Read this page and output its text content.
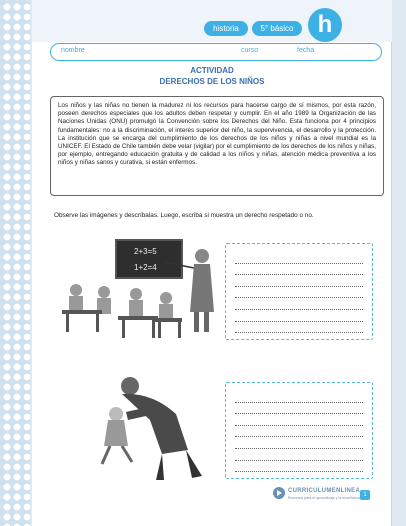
historia	5° básico	h
nombre	curso	fecha
ACTIVIDAD
DERECHOS DE LOS NIÑOS

Los niños y las niñas no tienen la madurez ni los recursos para hacerse cargo de sí mismos, por esta razón, poseen derechos especiales que los adultos deben respetar y cumplir. En el año 1989 la Organización de las Naciones Unidas (ONU) promulgó la Convención sobre los Derechos del Niño. Esta funciona por 4 principios fundamentales: no a la discriminación, el interés superior del niño, la supervivencia, el desarrollo y la protección. La institución que se encarga del cumplimiento de los derechos de los niños y niñas a nivel mundial es la UNICEF. El Estado de Chile también debe velar (vigilar) por el cumplimiento de los derechos de los niños y niñas, por ejemplo, entregando educación gratuita y de calidad a los niños y niñas, atención médica preventiva a los niños y niñas sanos y curativa, si están enfermos.

Observe las imágenes y descríbalas. Luego, escriba si muestra un derecho respetado o no.
2+3=5
1+2=4
CURRICULUMENLINEA
Recursos para el aprendizaje y la enseñanza 1
